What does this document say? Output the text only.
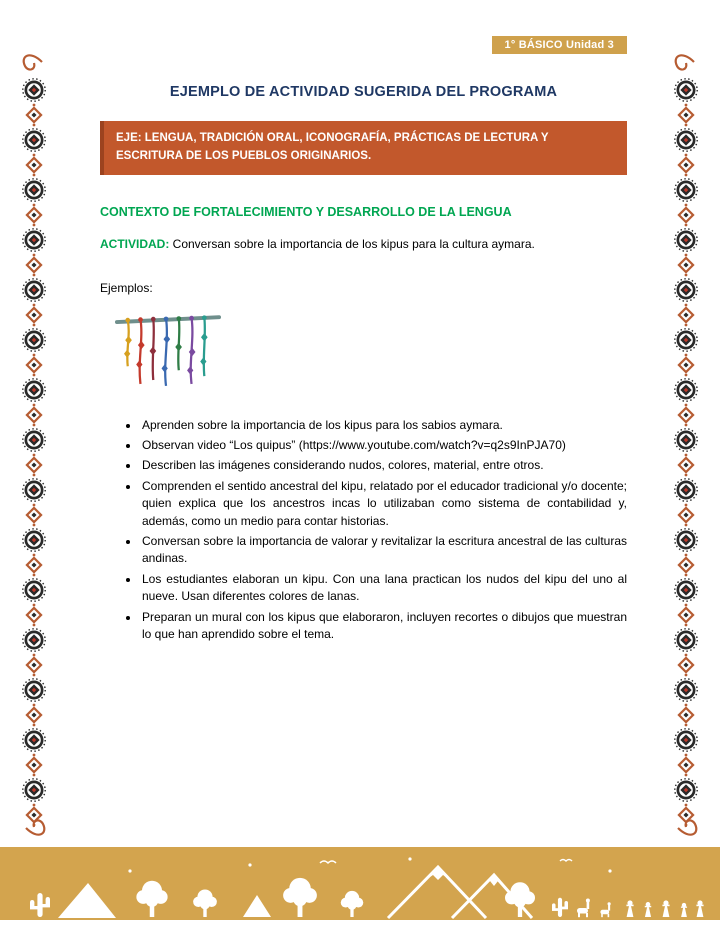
1° BÁSICO Unidad 3
EJEMPLO DE ACTIVIDAD SUGERIDA DEL PROGRAMA
EJE: LENGUA, TRADICIÓN ORAL, ICONOGRAFÍA, PRÁCTICAS DE LECTURA Y ESCRITURA DE LOS PUEBLOS ORIGINARIOS.
CONTEXTO DE FORTALECIMIENTO Y DESARROLLO DE LA LENGUA

ACTIVIDAD: Conversan sobre la importancia de los kipus para la cultura aymara.

Ejemplos:

• Aprenden sobre la importancia de los kipus para los sabios aymara.
• Observan video “Los quipus” (https://www.youtube.com/watch?v=q2s9InPJA70)
• Describen las imágenes considerando nudos, colores, material, entre otros.
• Comprenden el sentido ancestral del kipu, relatado por el educador tradicional y/o docente; quien explica que los ancestros incas lo utilizaban como sistema de contabilidad y, además, como un medio para contar historias.
• Conversan sobre la importancia de valorar y revitalizar la escritura ancestral de las culturas andinas.
• Los estudiantes elaboran un kipu. Con una lana practican los nudos del kipu del uno al nueve. Usan diferentes colores de lanas.
• Preparan un mural con los kipus que elaboraron, incluyen recortes o dibujos que muestran lo que han aprendido sobre el tema.
